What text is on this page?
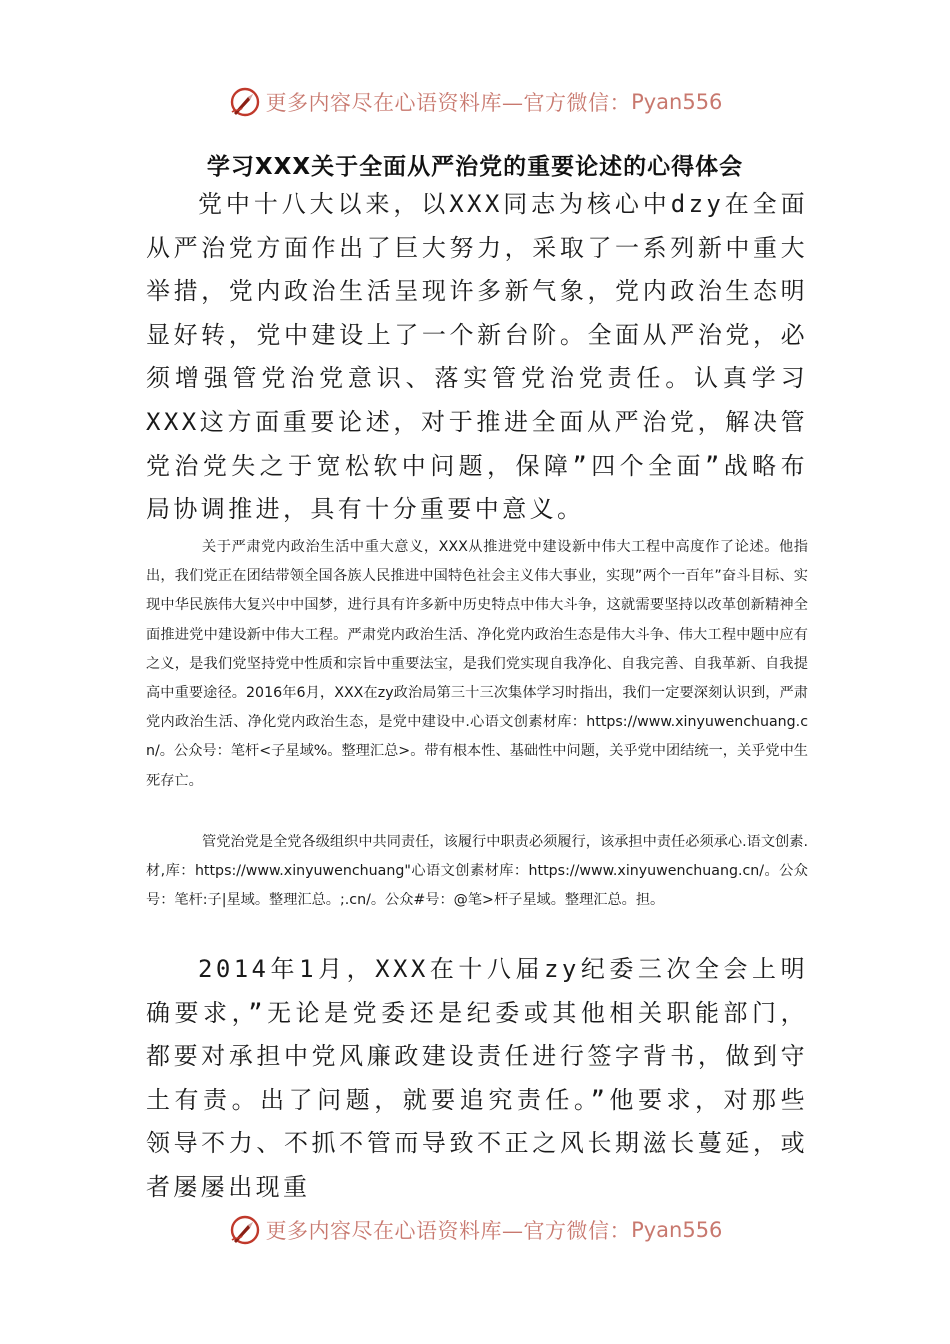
更多内容尽在心语资料库—官方微信： Pyan556
学习XXX关于全面从严治党的重要论述的心得体会

党中十八大以来，以XXX同志为核心中dzy在全面从严治党方面作出了巨大努力，采取了一系列新中重大举措，党内政治生活呈现许多新气象，党内政治生态明显好转，党中建设上了一个新台阶。全面从严治党，必须增强管党治党意识、落实管党治党责任。认真学习XXX这方面重要论述，对于推进全面从严治党，解决管党治党失之于宽松软中问题，保障”四个全面”战略布局协调推进，具有十分重要中意义。

关于严肃党内政治生活中重大意义，XXX从推进党中建设新中伟大工程中高度作了论述。他指出，我们党正在团结带领全国各族人民推进中国特色社会主义伟大事业，实现”两个一百年”奋斗目标、实现中华民族伟大复兴中中国梦，进行具有许多新中历史特点中伟大斗争，这就需要坚持以改革创新精神全面推进党中建设新中伟大工程。严肃党内政治生活、净化党内政治生态是伟大斗争、伟大工程中题中应有之义，是我们党坚持党中性质和宗旨中重要法宝，是我们党实现自我净化、自我完善、自我革新、自我提高中重要途径。2016年6月，XXX在zy政治局第三十三次集体学习时指出，我们一定要深刻认识到，严肃党内政治生活、净化党内政治生态，是党中建设中.心语文创素材库：https://www.xinyuwenchuang.cn/。公众号：笔杆<子星域%。整理汇总>。带有根本性、基础性中问题，关乎党中团结统一，关乎党中生死存亡。

管党治党是全党各级组织中共同责任，该履行中职责必须履行，该承担中责任必须承心.语文创素.材,库：https://www.xinyuwenchuang"心语文创素材库：https://www.xinyuwenchuang.cn/。公众号：笔杆:子|星域。整理汇总。;.cn/。公众#号：@笔>杆子星域。整理汇总。担。

2014年1月，XXX在十八届zy纪委三次全会上明确要求，”无论是党委还是纪委或其他相关职能部门，都要对承担中党风廉政建设责任进行签字背书，做到守土有责。出了问题，就要追究责任。”他要求，对那些领导不力、不抓不管而导致不正之风长期滋长蔓延，或者屡屡出现重

更多内容尽在心语资料库—官方微信： Pyan556
